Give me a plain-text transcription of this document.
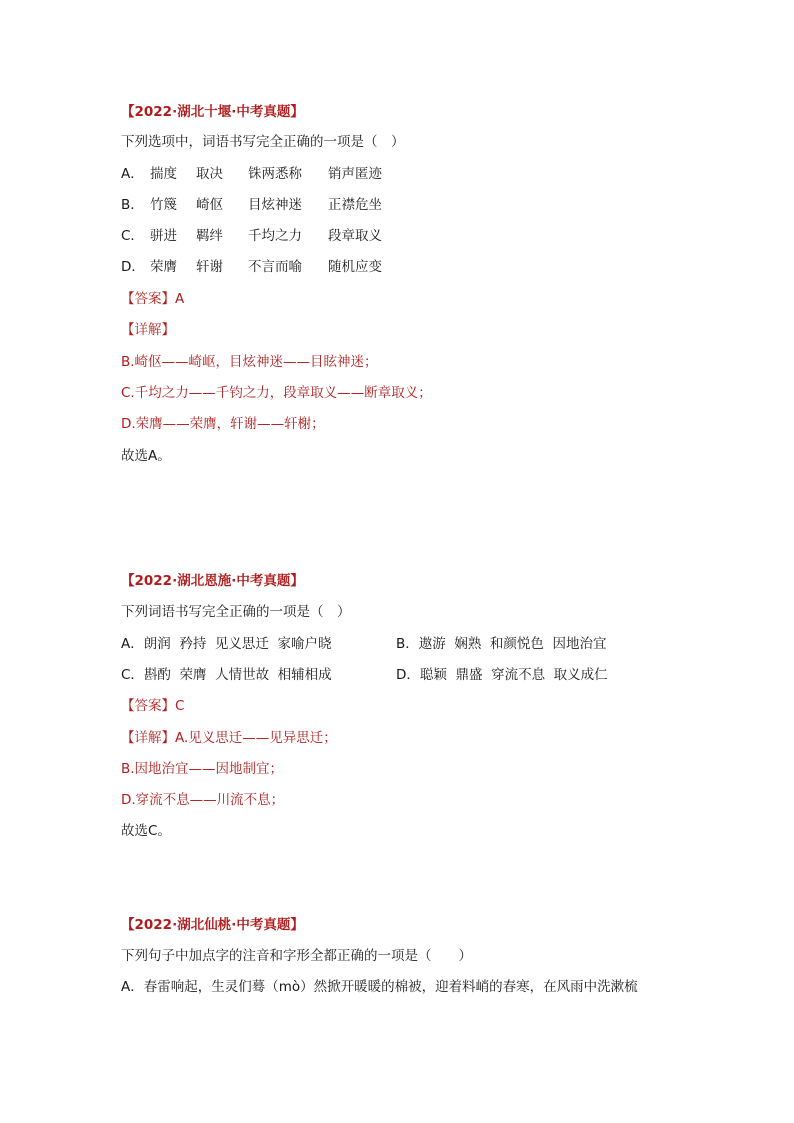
【2022·湖北十堰·中考真题】
下列选项中，词语书写完全正确的一项是（　）
A． 揣度 取决 铢两悉称 销声匿迹
B． 竹篾 崎伛 目炫神迷 正襟危坐
C． 骈进 羁绊 千均之力 段章取义
D． 荣膺 轩谢 不言而喻 随机应变
【答案】A
【详解】
B.崎伛——崎岖，目炫神迷——目眩神迷；
C.千均之力——千钧之力，段章取义——断章取义；
D.荣膺——荣膺，轩谢——轩榭；
故选A。
【2022·湖北恩施·中考真题】
下列词语书写完全正确的一项是（　）
A．朗润  矜持  见义思迁  家喻户晓	B．遨游  娴熟  和颜悦色  因地治宜
C．斟酌  荣膺  人情世故  相辅相成	D．聪颖  鼎盛  穿流不息  取义成仁
【答案】C
【详解】A.见义思迁——见异思迁；
B.因地治宜——因地制宜；
D.穿流不息——川流不息；
故选C。
【2022·湖北仙桃·中考真题】
下列句子中加点字的注音和字形全都正确的一项是（　　）
A．春雷响起，生灵们蓦（mò）然掀开暖暖的棉被，迎着料峭的春寒，在风雨中洗漱梳
